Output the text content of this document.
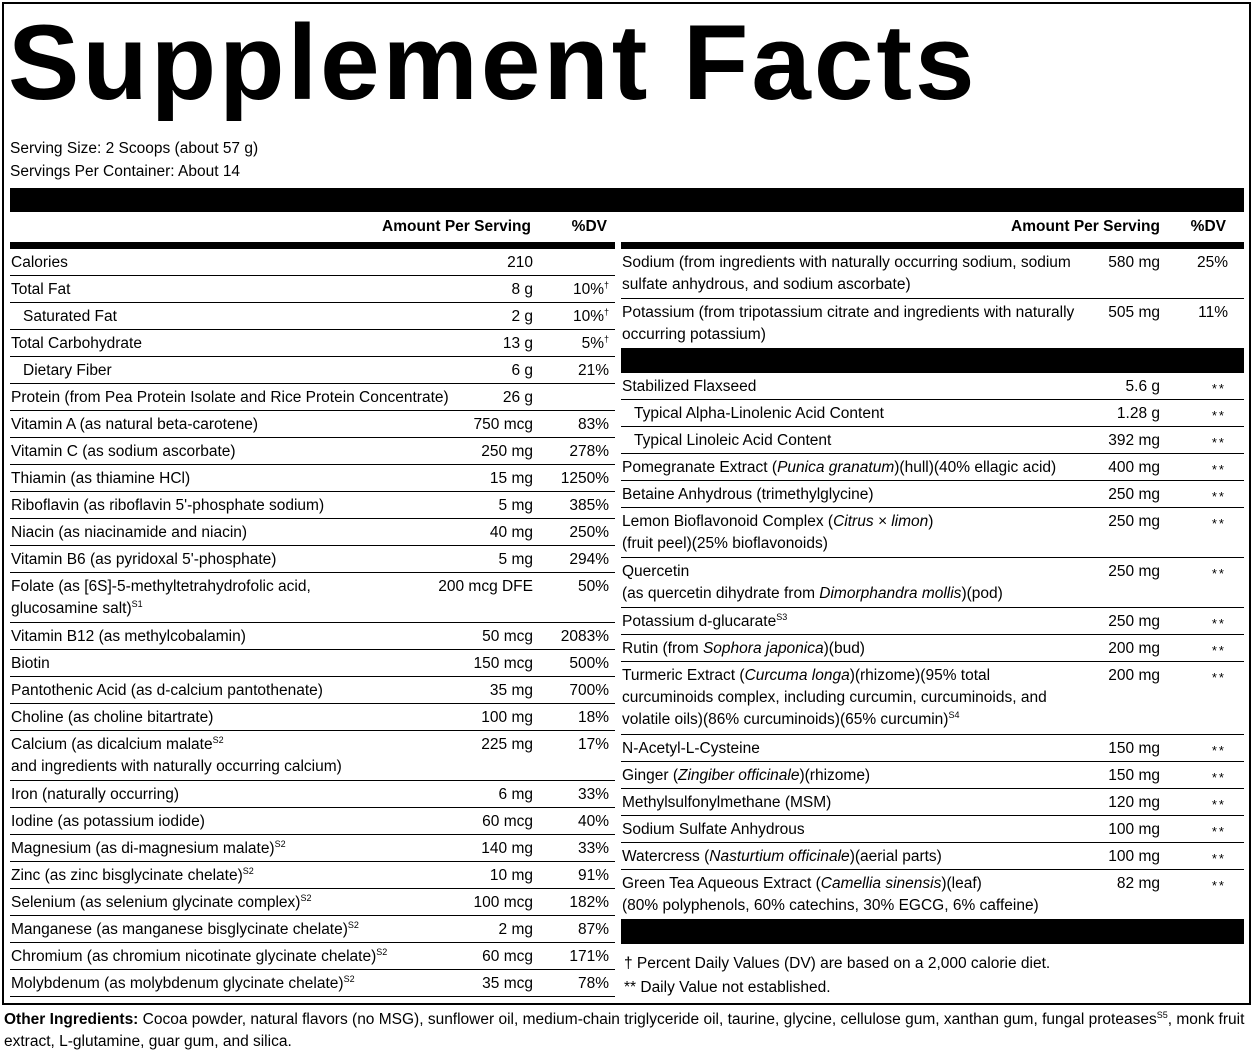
Supplement Facts
Serving Size: 2 Scoops (about 57 g)
Servings Per Container: About 14
Amount Per Serving	%DV
Calories	210
Total Fat	8 g	10%†
Saturated Fat	2 g	10%†
Total Carbohydrate	13 g	5%†
Dietary Fiber	6 g	21%
Protein (from Pea Protein Isolate and Rice Protein Concentrate)	26 g
Vitamin A (as natural beta-carotene)	750 mcg	83%
Vitamin C (as sodium ascorbate)	250 mg 278%
Thiamin (as thiamine HCl)	15 mg 1250%
Riboflavin (as riboflavin 5'-phosphate sodium)	5 mg 385%
Niacin (as niacinamide and niacin)	40 mg 250%
Vitamin B6 (as pyridoxal 5'-phosphate)	5 mg 294%
Folate (as [6S]-5-methyltetrahydrofolic acid,
glucosamine salt)$^{S1}$
200 mcg DFE	50%
Vitamin B12 (as methylcobalamin)	50 mcg 2083%
Biotin	150 mcg 500%
Pantothenic Acid (as d-calcium pantothenate)	35 mg 700%
Choline (as choline bitartrate)	100 mg	18%
Calcium (as dicalcium malate$^{S2}$
and ingredients with naturally occurring calcium)
225 mg	17%
Iron (naturally occurring)	6 mg	33%
Iodine (as potassium iodide)	60 mcg	40%
Magnesium (as di-magnesium malate)$^{S2}$	140 mg	33%
Zinc (as zinc bisglycinate chelate)$^{S2}$	10 mg	91%
Selenium (as selenium glycinate complex)$^{S2}$	100 mcg 182%
Manganese (as manganese bisglycinate chelate)$^{S2}$	2 mg	87%
Chromium (as chromium nicotinate glycinate chelate)$^{S2}$	60 mcg 171%
Molybdenum (as molybdenum glycinate chelate)$^{S2}$	35 mcg	78%
Amount Per Serving %DV
Sodium (from ingredients with naturally occurring sodium, sodium
sulfate anhydrous, and sodium ascorbate)
580 mg 25%
Potassium (from tripotassium citrate and ingredients with naturally
occurring potassium)
505 mg 11%
Stabilized Flaxseed	5.6 g	**
Typical Alpha-Linolenic Acid Content	1.28 g	**
Typical Linoleic Acid Content	392 mg	**
Pomegranate Extract (Punica granatum)(hull)(40% ellagic acid)	400 mg	**
Betaine Anhydrous (trimethylglycine)	250 mg	**
Lemon Bioflavonoid Complex (Citrus × limon)
(fruit peel)(25% bioflavonoids)
250 mg	**
Quercetin
(as quercetin dihydrate from Dimorphandra mollis)(pod)
250 mg	**
Potassium d-glucarate$^{S3}$	250 mg	**
Rutin (from Sophora japonica)(bud)	200 mg	**
Turmeric Extract (Curcuma longa)(rhizome)(95% total
curcuminoids complex, including curcumin, curcuminoids, and
volatile oils)(86% curcuminoids)(65% curcumin)$^{S4}$
200 mg	**
N-Acetyl-L-Cysteine	150 mg	**
Ginger (Zingiber officinale)(rhizome)	150 mg	**
Methylsulfonylmethane (MSM)	120 mg	**
Sodium Sulfate Anhydrous	100 mg	**
Watercress (Nasturtium officinale)(aerial parts)	100 mg	**
Green Tea Aqueous Extract (Camellia sinensis)(leaf)
(80% polyphenols, 60% catechins, 30% EGCG, 6% caffeine)
82 mg	**
† Percent Daily Values (DV) are based on a 2,000 calorie diet.
** Daily Value not established.
Other Ingredients: Cocoa powder, natural flavors (no MSG), sunflower oil, medium-chain triglyceride oil, taurine, glycine, cellulose gum, xanthan gum, fungal proteases$^{S5}$, monk fruit extract, L-glutamine, guar gum, and silica.
